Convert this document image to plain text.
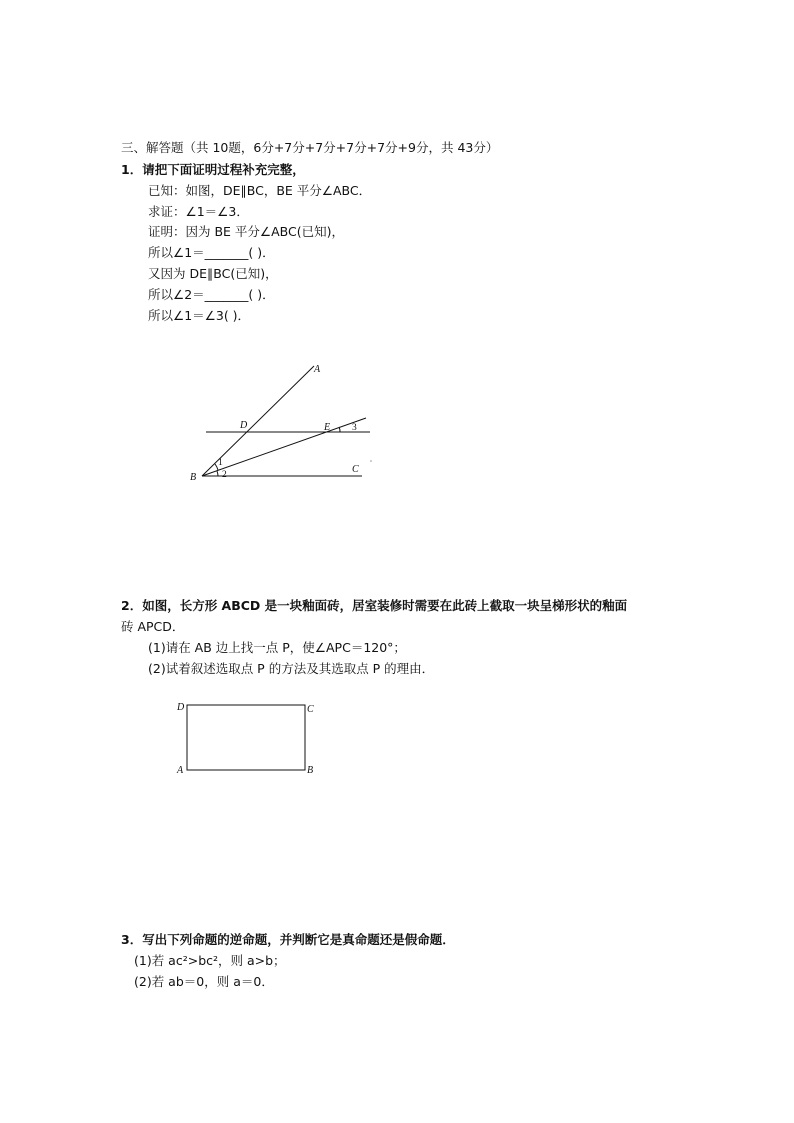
三、解答题（共 10题，6分+7分+7分+7分+7分+9分，共 43分）
1．请把下面证明过程补充完整，
已知：如图，DE∥BC，BE 平分∠ABC．
求证：∠1＝∠3．
证明：因为 BE 平分∠ABC(已知)，
所以∠1＝_______( )．
又因为 DE∥BC(已知)，
所以∠2＝_______( )．
所以∠1＝∠3( )．
A
D	E
B
C
1
2
3
2．如图，长方形 ABCD 是一块釉面砖，居室装修时需要在此砖上截取一块呈梯形状的釉面
砖 APCD．
(1)请在 AB 边上找一点 P，使∠APC＝120°；
(2)试着叙述选取点 P 的方法及其选取点 P 的理由．
D	C
A	B
3．写出下列命题的逆命题，并判断它是真命题还是假命题．
(1)若 ac²>bc²，则 a>b；
(2)若 ab＝0，则 a＝0．
